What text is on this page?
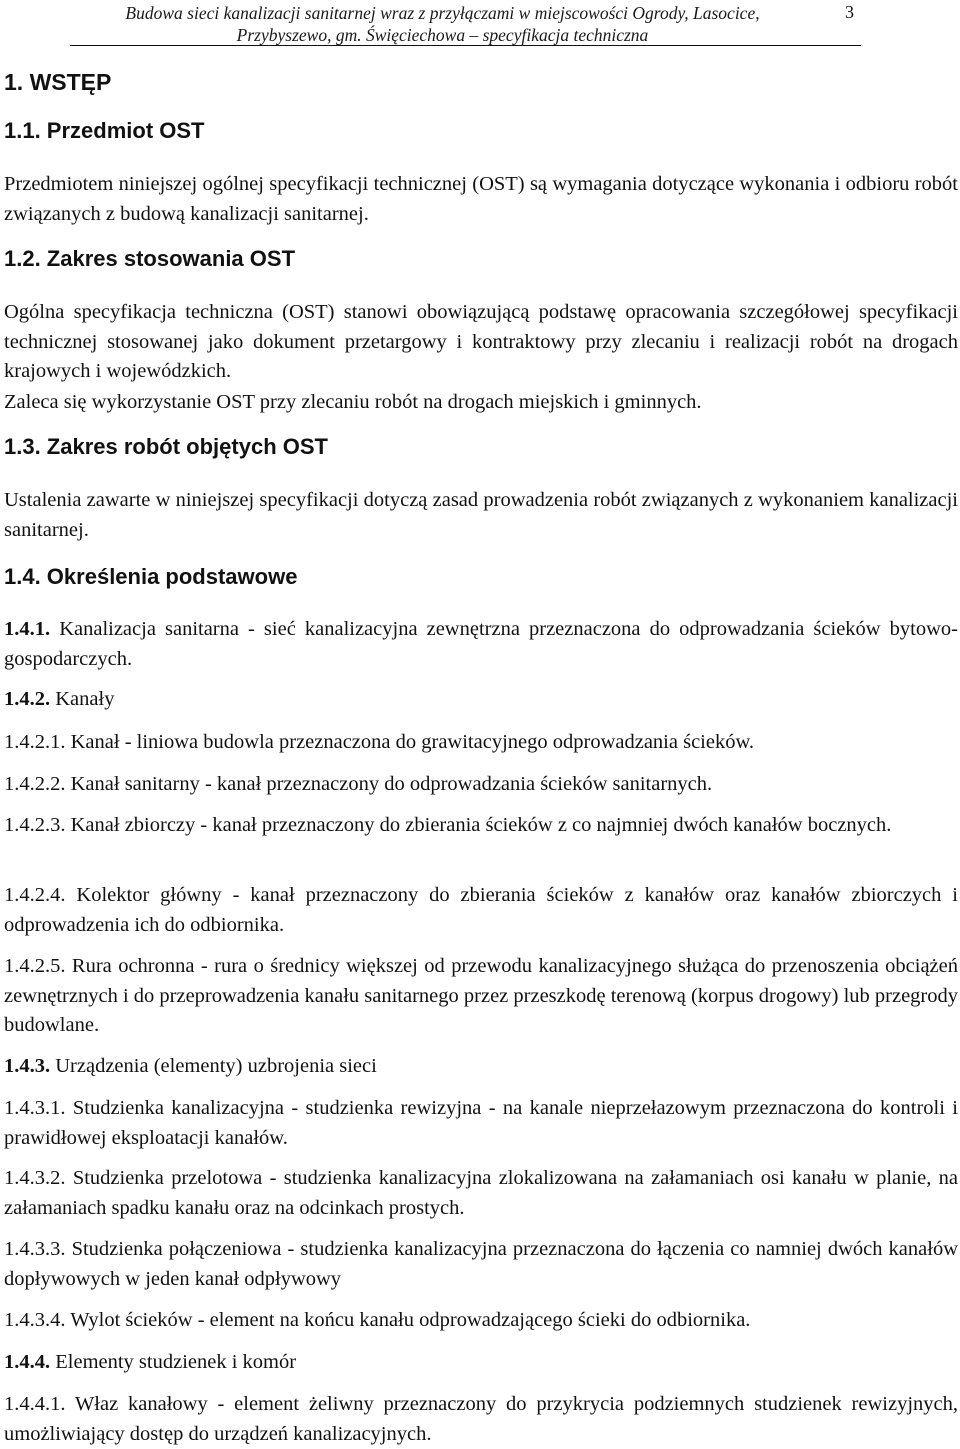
Budowa sieci kanalizacji sanitarnej wraz z przyłączami w miejscowości Ogrody, Lasocice,
Przybyszewo, gm. Święciechowa – specyfikacja techniczna
3
1. WSTĘP
1.1. Przedmiot OST

Przedmiotem niniejszej ogólnej specyfikacji technicznej (OST) są wymagania dotyczące wykonania i odbioru robót związanych z budową kanalizacji sanitarnej.

1.2. Zakres stosowania OST

Ogólna specyfikacja techniczna (OST) stanowi obowiązującą podstawę opracowania szczegółowej specyfikacji technicznej stosowanej jako dokument przetargowy i kontraktowy przy zlecaniu i realizacji robót na drogach krajowych i wojewódzkich.

Zaleca się wykorzystanie OST przy zlecaniu robót na drogach miejskich i gminnych.

1.3. Zakres robót objętych OST

Ustalenia zawarte w niniejszej specyfikacji dotyczą zasad prowadzenia robót związanych z wykonaniem kanalizacji sanitarnej.

1.4. Określenia podstawowe

1.4.1. Kanalizacja sanitarna - sieć kanalizacyjna zewnętrzna przeznaczona do odprowadzania ścieków bytowo-gospodarczych.

1.4.2. Kanały

1.4.2.1. Kanał - liniowa budowla przeznaczona do grawitacyjnego odprowadzania ścieków.

1.4.2.2. Kanał sanitarny - kanał przeznaczony do odprowadzania ścieków sanitarnych.

1.4.2.3. Kanał zbiorczy - kanał przeznaczony do zbierania ścieków z co najmniej dwóch kanałów bocznych.

1.4.2.4. Kolektor główny - kanał przeznaczony do zbierania ścieków z kanałów oraz kanałów zbiorczych i odprowadzenia ich do odbiornika.

1.4.2.5. Rura ochronna - rura o średnicy większej od przewodu kanalizacyjnego służąca do przenoszenia obciążeń zewnętrznych i do przeprowadzenia kanału sanitarnego przez przeszkodę terenową (korpus drogowy) lub przegrody budowlane.

1.4.3. Urządzenia (elementy) uzbrojenia sieci

1.4.3.1. Studzienka kanalizacyjna - studzienka rewizyjna - na kanale nieprzełazowym przeznaczona do kontroli i prawidłowej eksploatacji kanałów.

1.4.3.2. Studzienka przelotowa - studzienka kanalizacyjna zlokalizowana na załamaniach osi kanału w planie, na załamaniach spadku kanału oraz na odcinkach prostych.

1.4.3.3. Studzienka połączeniowa - studzienka kanalizacyjna przeznaczona do łączenia co namniej dwóch kanałów dopływowych w jeden kanał odpływowy

1.4.3.4. Wylot ścieków - element na końcu kanału odprowadzającego ścieki do odbiornika.

1.4.4. Elementy studzienek i komór

1.4.4.1. Właz kanałowy - element żeliwny przeznaczony do przykrycia podziemnych studzienek rewizyjnych, umożliwiający dostęp do urządzeń kanalizacyjnych.
